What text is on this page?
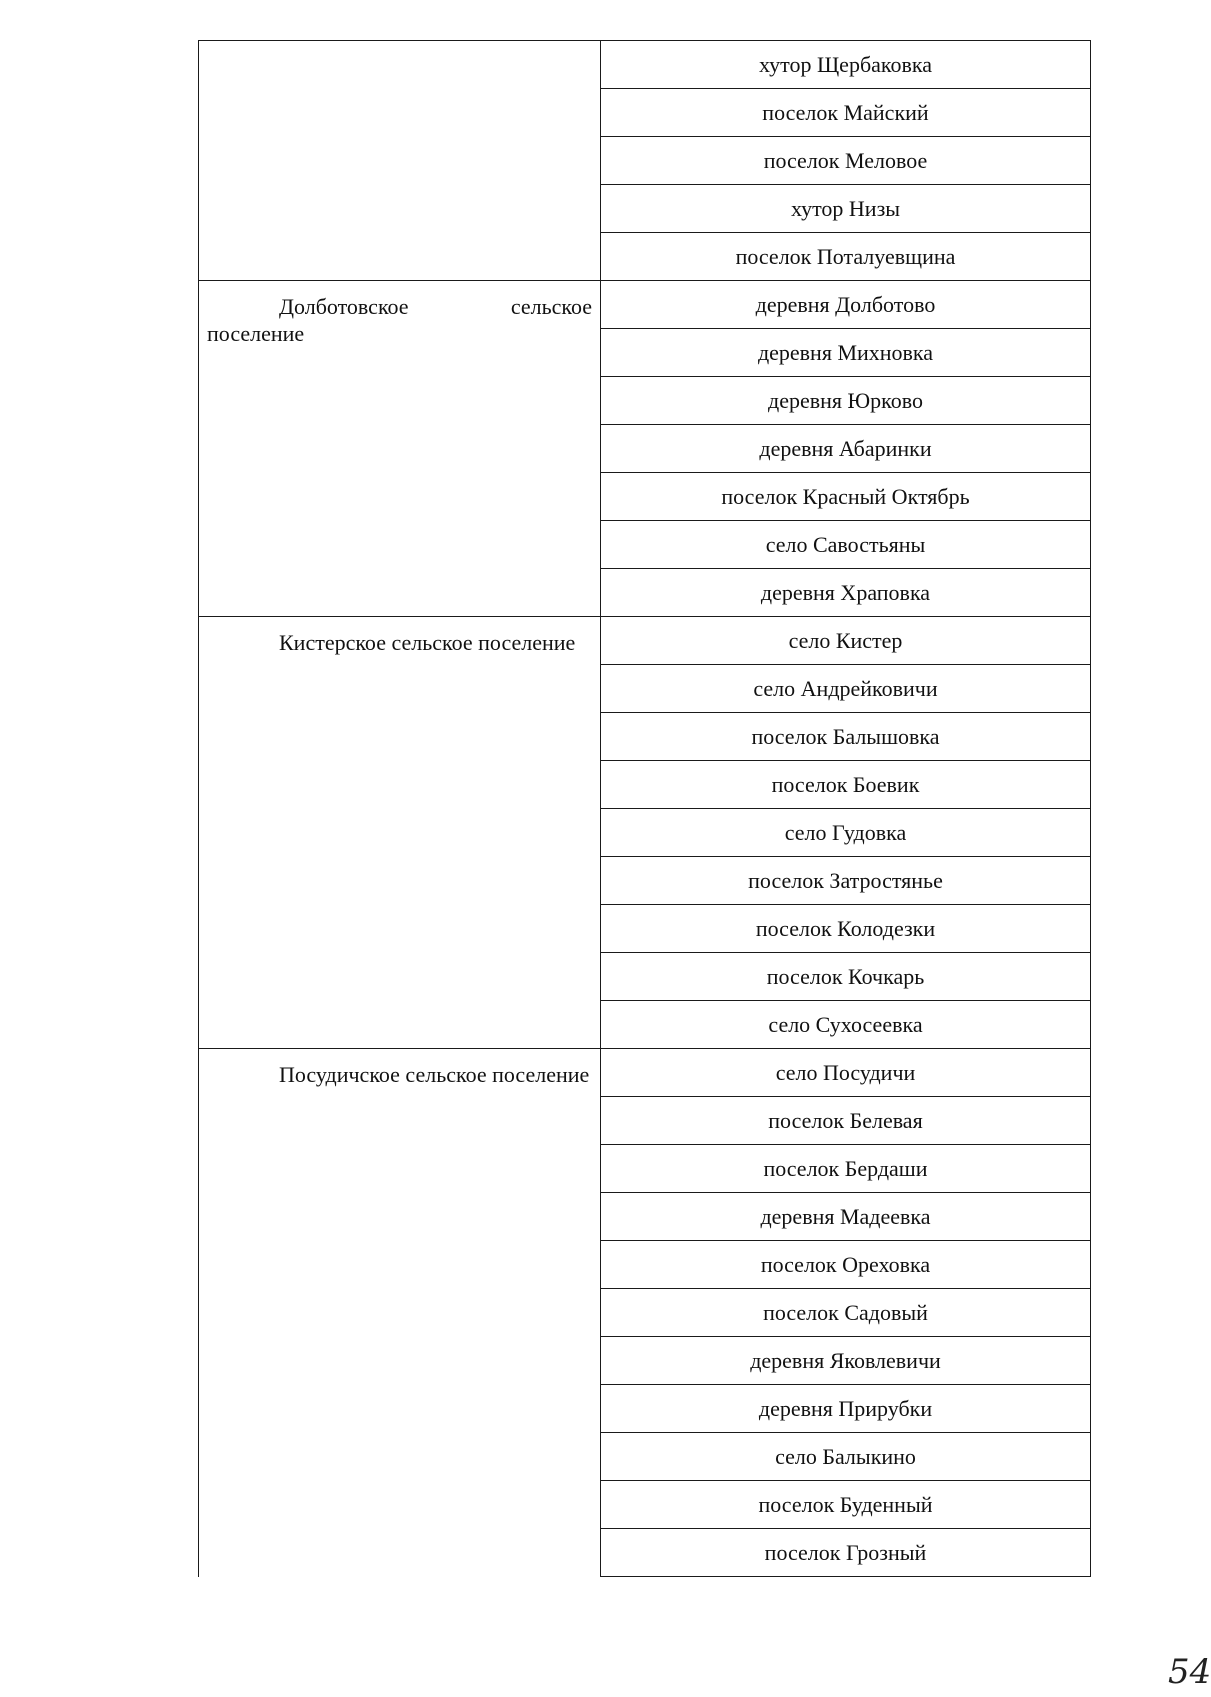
	хутор Щербаковка
	поселок Майский
	поселок Меловое
	хутор Низы
	поселок Поталуевщина
Долботовское сельское поселение	деревня Долботово
	деревня Михновка
	деревня Юрково
	деревня Абаринки
	поселок Красный Октябрь
	село Савостьяны
	деревня Храповка
Кистерское сельское поселение	село Кистер
	село Андрейковичи
	поселок Балышовка
	поселок Боевик
	село Гудовка
	поселок Затростянье
	поселок Колодезки
	поселок Кочкарь
	село Сухосеевка
Посудичское сельское поселение	село Посудичи
	поселок Белевая
	поселок Бердаши
	деревня Мадеевка
	поселок Ореховка
	поселок Садовый
	деревня Яковлевичи
	деревня Прирубки
	село Балыкино
	поселок Буденный
	поселок Грозный
54
